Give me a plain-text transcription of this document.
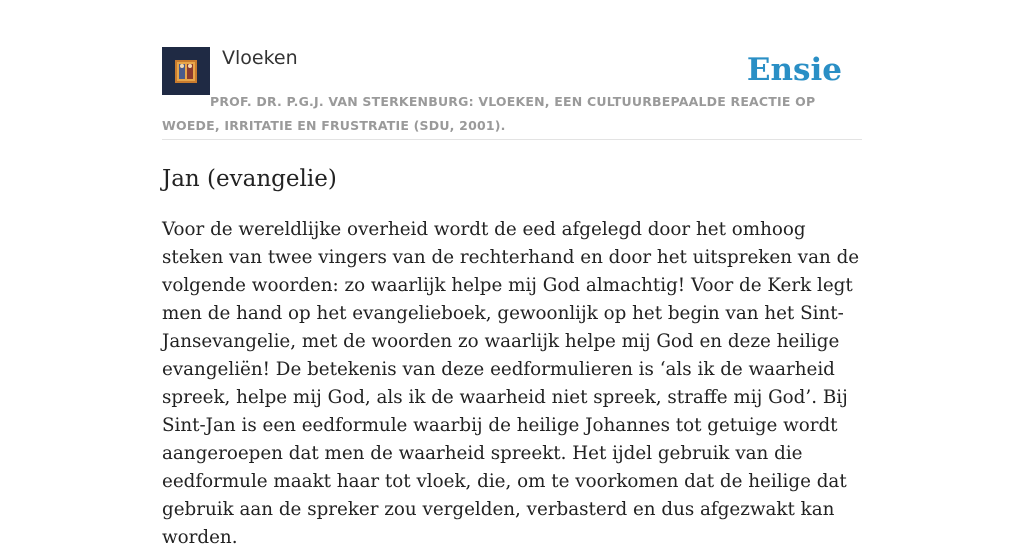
Vloeken	Ensie
PROF. DR. P.G.J. VAN STERKENBURG: VLOEKEN, EEN CULTUURBEPAALDE REACTIE OP WOEDE, IRRITATIE EN FRUSTRATIE (SDU, 2001).
Jan (evangelie)

Voor de wereldlijke overheid wordt de eed afgelegd door het omhoog steken van twee vingers van de rechterhand en door het uitspreken van de volgende woorden: zo waarlijk helpe mij God almachtig! Voor de Kerk legt men de hand op het evangelieboek, gewoonlijk op het begin van het Sint-Jansevangelie, met de woorden zo waarlijk helpe mij God en deze heilige evangeliën! De betekenis van deze eedformulieren is ‘als ik de waarheid spreek, helpe mij God, als ik de waarheid niet spreek, straffe mij God’. Bij Sint-Jan is een eedformule waarbij de heilige Johannes tot getuige wordt aangeroepen dat men de waarheid spreekt. Het ijdel gebruik van die eedformule maakt haar tot vloek, die, om te voorkomen dat de heilige dat gebruik aan de spreker zou vergelden, verbasterd en dus afgezwakt kan worden.
